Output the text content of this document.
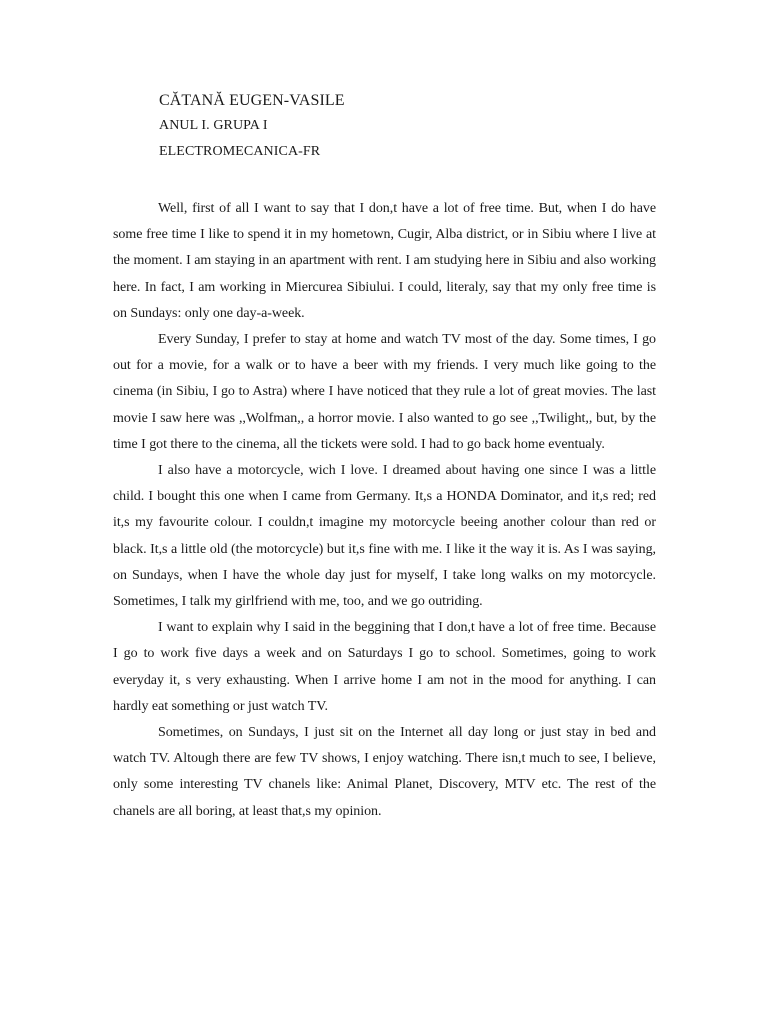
CĂTANĂ EUGEN-VASILE
ANUL I. GRUPA I
ELECTROMECANICA-FR

Well, first of all I want to say that I don,t have a lot of free time. But, when I do have some free time I like to spend it in my hometown, Cugir, Alba district, or in Sibiu where I live at the moment. I am staying in an apartment with rent. I am studying here in Sibiu and also working here. In fact, I am working in Miercurea Sibiului. I could, literaly, say that my only free time is on Sundays: only one day-a-week.

Every Sunday, I prefer to stay at home and watch TV most of the day. Some times, I go out for a movie, for a walk or to have a beer with my friends. I very much like going to the cinema (in Sibiu, I go to Astra) where I have noticed that they rule a lot of great movies. The last movie I saw here was ,,Wolfman,, a horror movie. I also wanted to go see ,,Twilight,, but, by the time I got there to the cinema, all the tickets were sold. I had to go back home eventualy.

I also have a motorcycle, wich I love. I dreamed about having one since I was a little child. I bought this one when I came from Germany. It,s a HONDA Dominator, and it,s red; red it,s my favourite colour. I couldn,t imagine my motorcycle beeing another colour than red or black. It,s a little old (the motorcycle) but it,s fine with me. I like it the way it is. As I was saying, on Sundays, when I have the whole day just for myself, I take long walks on my motorcycle. Sometimes, I talk my girlfriend with me, too, and we go outriding.

I want to explain why I said in the beggining that I don,t have a lot of free time. Because I go to work five days a week and on Saturdays I go to school. Sometimes, going to work everyday it, s very exhausting. When I arrive home I am not in the mood for anything. I can hardly eat something or just watch TV.

Sometimes, on Sundays, I just sit on the Internet all day long or just stay in bed and watch TV. Altough there are few TV shows, I enjoy watching. There isn,t much to see, I believe, only some interesting TV chanels like: Animal Planet, Discovery, MTV etc. The rest of the chanels are all boring, at least that,s my opinion.
